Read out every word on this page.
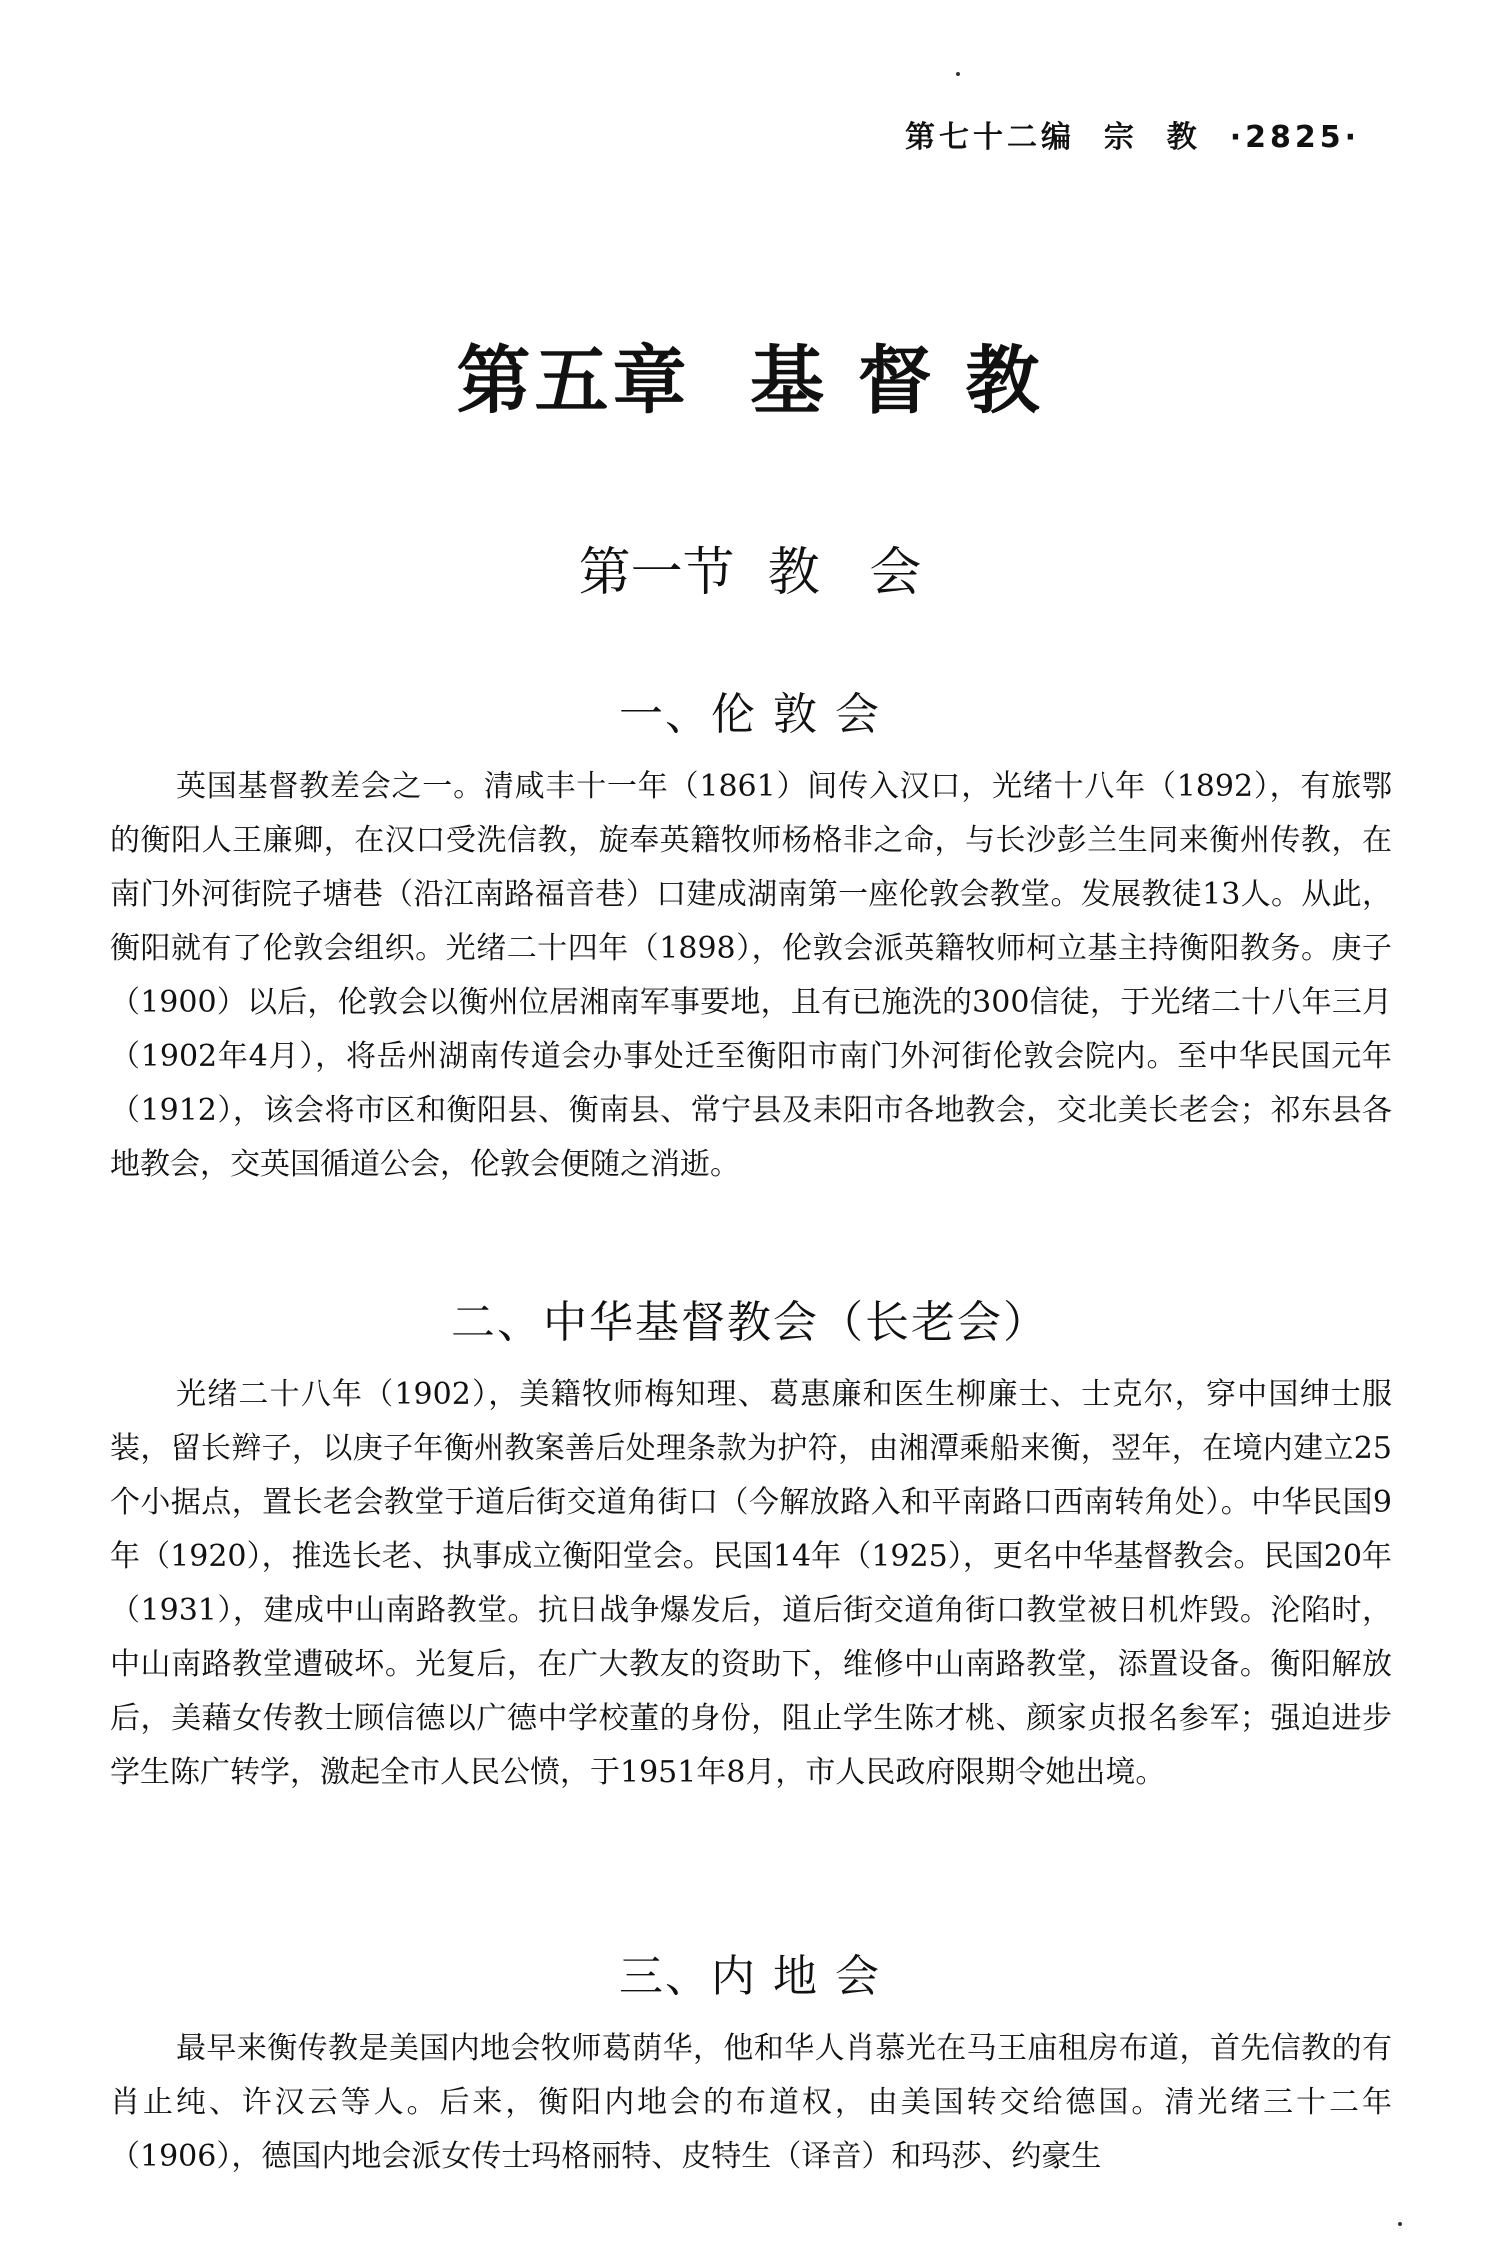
第七十二编  宗  教  ·2825·
第五章  基 督 教
第一节  教   会
一、伦 敦 会

英国基督教差会之一。清咸丰十一年（1861）间传入汉口，光绪十八年（1892），有旅鄂的衡阳人王廉卿，在汉口受洗信教，旋奉英籍牧师杨格非之命，与长沙彭兰生同来衡州传教，在南门外河街院子塘巷（沿江南路福音巷）口建成湖南第一座伦敦会教堂。发展教徒13人。从此，衡阳就有了伦敦会组织。光绪二十四年（1898），伦敦会派英籍牧师柯立基主持衡阳教务。庚子（1900）以后，伦敦会以衡州位居湘南军事要地，且有已施洗的300信徒，于光绪二十八年三月（1902年4月），将岳州湖南传道会办事处迁至衡阳市南门外河街伦敦会院内。至中华民国元年（1912），该会将市区和衡阳县、衡南县、常宁县及耒阳市各地教会，交北美长老会；祁东县各地教会，交英国循道公会，伦敦会便随之消逝。

二、中华基督教会（长老会）

光绪二十八年（1902），美籍牧师梅知理、葛惠廉和医生柳廉士、士克尔，穿中国绅士服装，留长辫子，以庚子年衡州教案善后处理条款为护符，由湘潭乘船来衡，翌年，在境内建立25个小据点，置长老会教堂于道后街交道角街口（今解放路入和平南路口西南转角处）。中华民国9年（1920），推选长老、执事成立衡阳堂会。民国14年（1925），更名中华基督教会。民国20年（1931），建成中山南路教堂。抗日战争爆发后，道后街交道角街口教堂被日机炸毁。沦陷时，中山南路教堂遭破坏。光复后，在广大教友的资助下，维修中山南路教堂，添置设备。衡阳解放后，美藉女传教士顾信德以广德中学校董的身份，阻止学生陈才桃、颜家贞报名参军；强迫进步学生陈广转学，激起全市人民公愤，于1951年8月，市人民政府限期令她出境。

三、内 地 会

最早来衡传教是美国内地会牧师葛荫华，他和华人肖慕光在马王庙租房布道，首先信教的有肖止纯、许汉云等人。后来，衡阳内地会的布道权，由美国转交给德国。清光绪三十二年（1906），德国内地会派女传士玛格丽特、皮特生（译音）和玛莎、约豪生
